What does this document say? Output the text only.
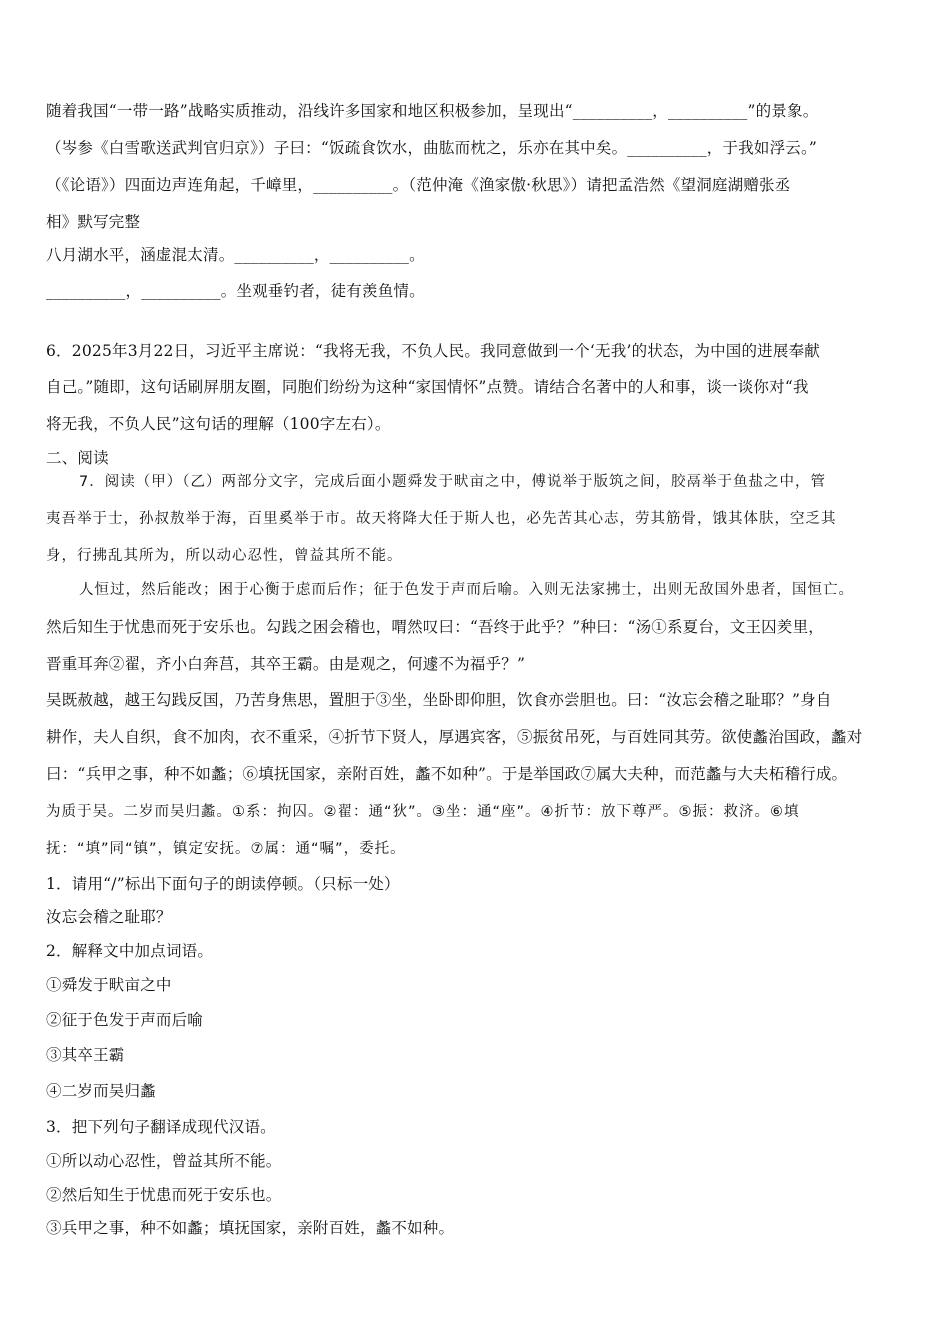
随着我国“一带一路”战略实质推动，沿线许多国家和地区积极参加，呈现出“__________，__________”的景象。
（岑参《白雪歌送武判官归京》）子曰：“饭疏食饮水，曲肱而枕之，乐亦在其中矣。__________，于我如浮云。”
（《论语》）四面边声连角起，千嶂里，__________。（范仲淹《渔家傲·秋思》）请把孟浩然《望洞庭湖赠张丞
相》默写完整
八月湖水平，涵虚混太清。__________，__________。
__________，__________。坐观垂钓者，徒有羡鱼情。
6．2025年3月22日，习近平主席说：“我将无我，不负人民。我同意做到一个‘无我’的状态，为中国的进展奉献
自己。”随即，这句话刷屏朋友圈，同胞们纷纷为这种“家国情怀”点赞。请结合名著中的人和事，谈一谈你对“我
将无我，不负人民”这句话的理解（100字左右）。
二、阅读
7．阅读（甲）（乙）两部分文字，完成后面小题舜发于畎亩之中，傅说举于版筑之间，胶鬲举于鱼盐之中，管
夷吾举于士，孙叔敖举于海，百里奚举于市。故天将降大任于斯人也，必先苦其心志，劳其筋骨，饿其体肤，空乏其
身，行拂乱其所为，所以动心忍性，曾益其所不能。
人恒过，然后能改；困于心衡于虑而后作；征于色发于声而后喻。入则无法家拂士，出则无敌国外患者，国恒亡。
然后知生于忧患而死于安乐也。勾践之困会稽也，喟然叹曰：“吾终于此乎？”种曰：“汤①系夏台，文王囚羑里，
晋重耳奔②翟，齐小白奔莒，其卒王霸。由是观之，何遽不为福乎？”
吴既赦越，越王勾践反国，乃苦身焦思，置胆于③坐，坐卧即仰胆，饮食亦尝胆也。曰：“汝忘会稽之耻耶？”身自
耕作，夫人自织，食不加肉，衣不重采，④折节下贤人，厚遇宾客，⑤振贫吊死，与百姓同其劳。欲使蠡治国政，蠡对
曰：“兵甲之事，种不如蠡；⑥填抚国家，亲附百姓，蠡不如种”。于是举国政⑦属大夫种，而范蠡与大夫柘稽行成。
为质于吴。二岁而吴归蠡。①系：拘囚。②翟：通“狄”。③坐：通“座”。④折节：放下尊严。⑤振：救济。⑥填
抚：“填”同“镇”，镇定安抚。⑦属：通“嘱”，委托。
1．请用“/”标出下面句子的朗读停顿。（只标一处）
汝忘会稽之耻耶？
2．解释文中加点词语。
①舜发于畎亩之中
②征于色发于声而后喻
③其卒王霸
④二岁而吴归蠡
3．把下列句子翻译成现代汉语。
①所以动心忍性，曾益其所不能。
②然后知生于忧患而死于安乐也。
③兵甲之事，种不如蠡；填抚国家，亲附百姓，蠡不如种。
